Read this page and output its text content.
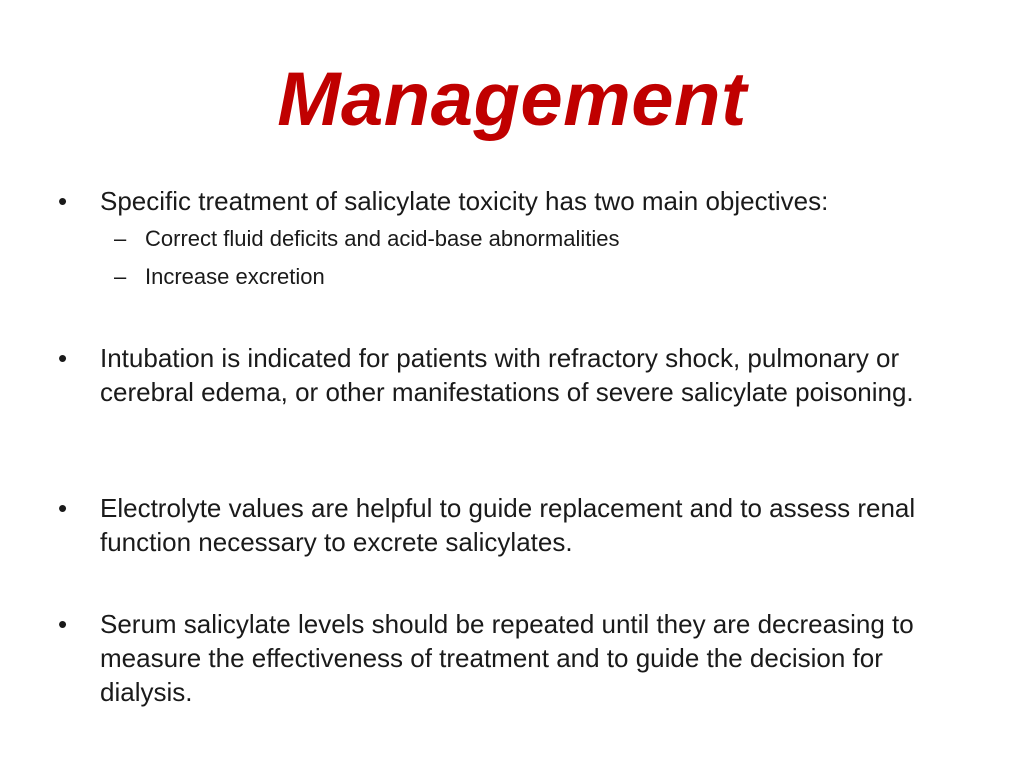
Management
•	Specific treatment of salicylate toxicity has two main objectives:
– Correct fluid deficits and acid-base abnormalities
– Increase excretion
•	Intubation is indicated for patients with refractory shock, pulmonary or cerebral edema, or other manifestations of severe salicylate poisoning.
•	Electrolyte values are helpful to guide replacement and to assess renal function necessary to excrete salicylates.
•	Serum salicylate levels should be repeated until they are decreasing to measure the effectiveness of treatment and to guide the decision for dialysis.
